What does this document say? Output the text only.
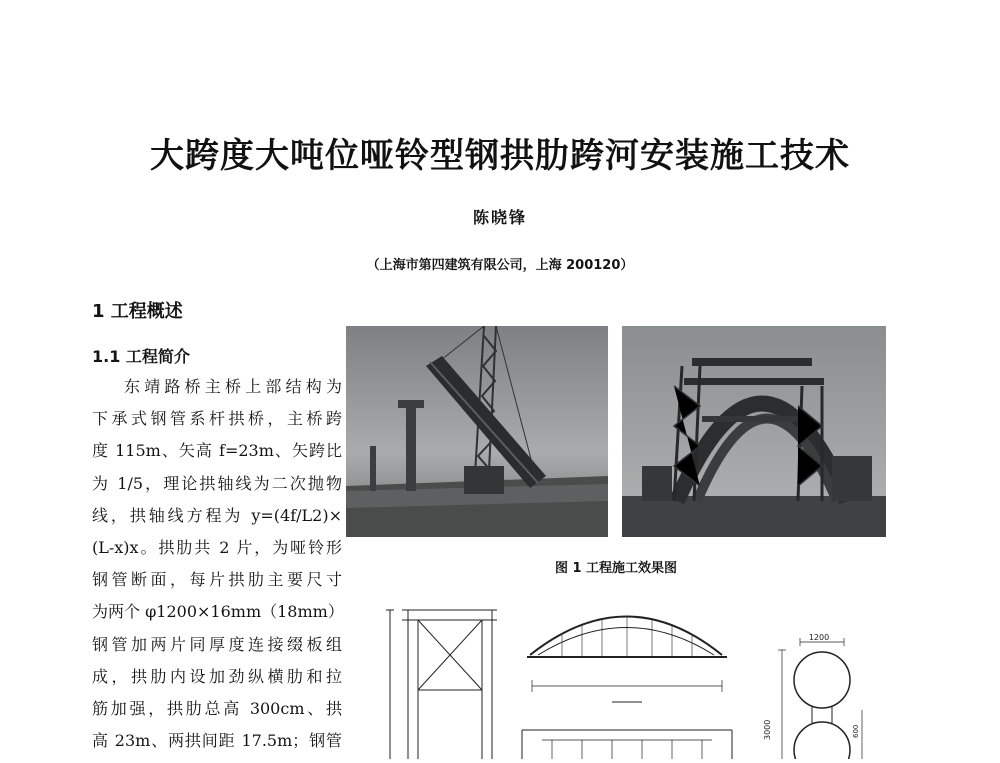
大跨度大吨位哑铃型钢拱肋跨河安装施工技术
陈晓锋
（上海市第四建筑有限公司，上海 200120）
1 工程概述
1.1 工程简介
东靖路桥主桥上部结构为
下承式钢管系杆拱桥，主桥跨
度 115m、矢高 f=23m、矢跨比
为 1/5，理论拱轴线为二次抛物
线，拱轴线方程为 y=(4f/L2)×
(L-x)x。拱肋共 2 片，为哑铃形
钢管断面，每片拱肋主要尺寸
为两个 φ1200×16mm（18mm）
钢管加两片同厚度连接缀板组
成，拱肋内设加劲纵横肋和拉
筋加强，拱肋总高 300cm、拱
高 23m、两拱间距 17.5m；钢管
图 1 工程施工效果图
1200
3000	600
